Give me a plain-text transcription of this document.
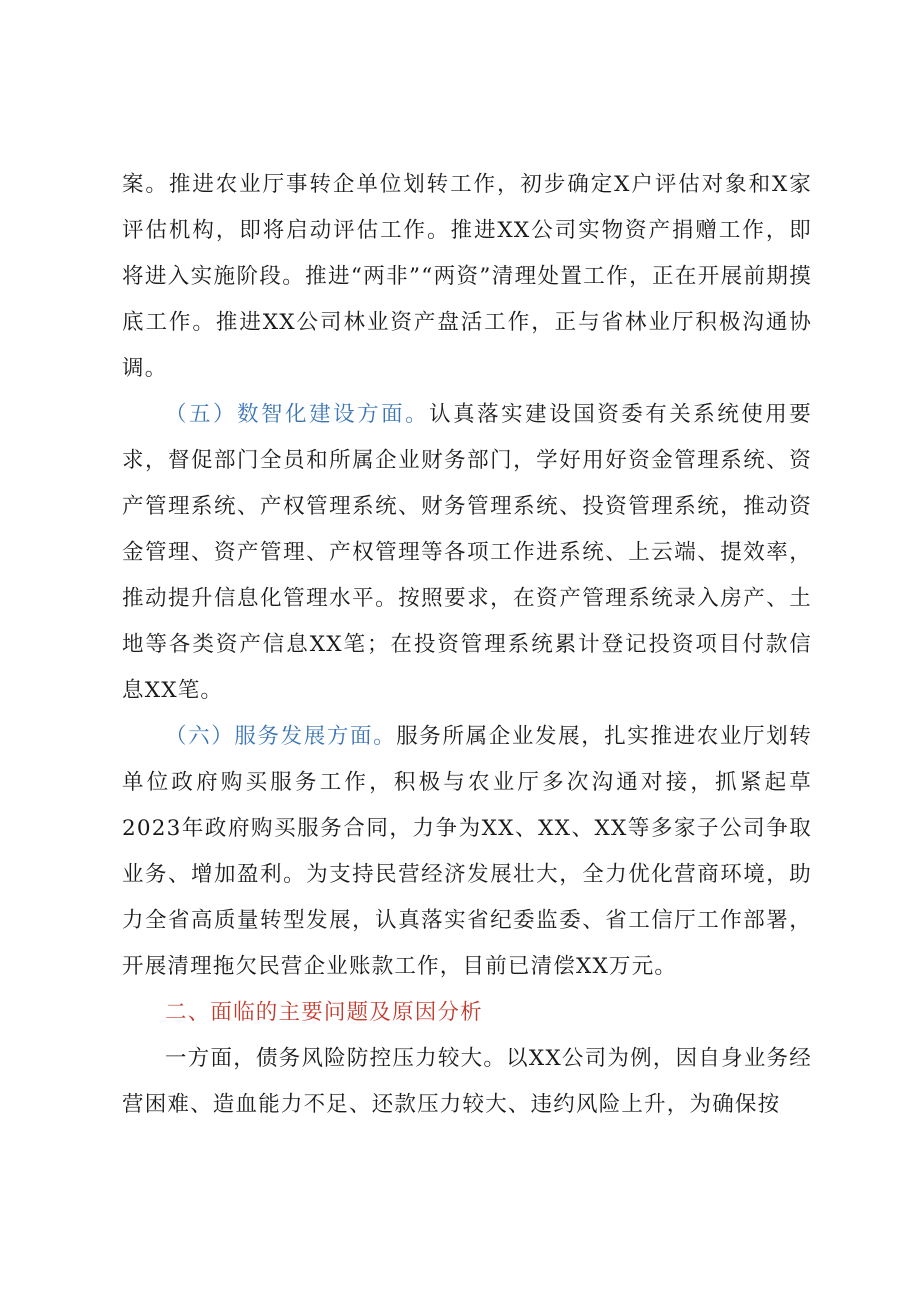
案。推进农业厅事转企单位划转工作，初步确定X户评估对象和X家评估机构，即将启动评估工作。推进XX公司实物资产捐赠工作，即将进入实施阶段。推进“两非”“两资”清理处置工作，正在开展前期摸底工作。推进XX公司林业资产盘活工作，正与省林业厅积极沟通协调。

（五）数智化建设方面。认真落实建设国资委有关系统使用要求，督促部门全员和所属企业财务部门，学好用好资金管理系统、资产管理系统、产权管理系统、财务管理系统、投资管理系统，推动资金管理、资产管理、产权管理等各项工作进系统、上云端、提效率，推动提升信息化管理水平。按照要求，在资产管理系统录入房产、土地等各类资产信息XX笔；在投资管理系统累计登记投资项目付款信息XX笔。

（六）服务发展方面。服务所属企业发展，扎实推进农业厅划转单位政府购买服务工作，积极与农业厅多次沟通对接，抓紧起草2023年政府购买服务合同，力争为XX、XX、XX等多家子公司争取业务、增加盈利。为支持民营经济发展壮大，全力优化营商环境，助力全省高质量转型发展，认真落实省纪委监委、省工信厅工作部署，开展清理拖欠民营企业账款工作，目前已清偿XX万元。

二、面临的主要问题及原因分析

一方面，债务风险防控压力较大。以XX公司为例，因自身业务经营困难、造血能力不足、还款压力较大、违约风险上升，为确保按
